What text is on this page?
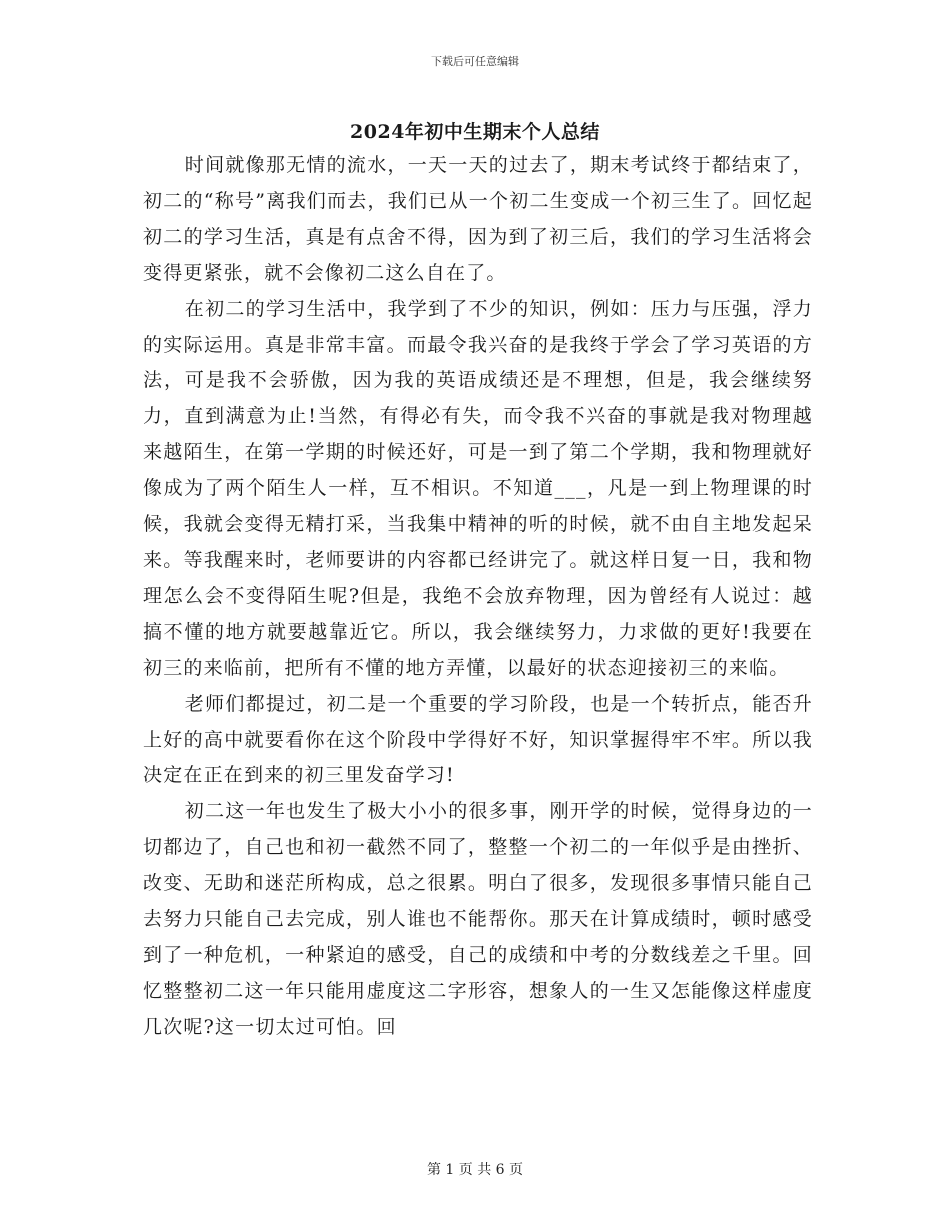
下载后可任意编辑
2024年初中生期末个人总结

时间就像那无情的流水，一天一天的过去了，期末考试终于都结束了，初二的“称号”离我们而去，我们已从一个初二生变成一个初三生了。回忆起初二的学习生活，真是有点舍不得，因为到了初三后，我们的学习生活将会变得更紧张，就不会像初二这么自在了。

在初二的学习生活中，我学到了不少的知识，例如：压力与压强，浮力的实际运用。真是非常丰富。而最令我兴奋的是我终于学会了学习英语的方法，可是我不会骄傲，因为我的英语成绩还是不理想，但是，我会继续努力，直到满意为止!当然，有得必有失，而令我不兴奋的事就是我对物理越来越陌生，在第一学期的时候还好，可是一到了第二个学期，我和物理就好像成为了两个陌生人一样，互不相识。不知道___，凡是一到上物理课的时候，我就会变得无精打采，当我集中精神的听的时候，就不由自主地发起呆来。等我醒来时，老师要讲的内容都已经讲完了。就这样日复一日，我和物理怎么会不变得陌生呢?但是，我绝不会放弃物理，因为曾经有人说过：越搞不懂的地方就要越靠近它。所以，我会继续努力，力求做的更好!我要在初三的来临前，把所有不懂的地方弄懂，以最好的状态迎接初三的来临。

老师们都提过，初二是一个重要的学习阶段，也是一个转折点，能否升上好的高中就要看你在这个阶段中学得好不好，知识掌握得牢不牢。所以我决定在正在到来的初三里发奋学习!

初二这一年也发生了极大小小的很多事，刚开学的时候，觉得身边的一切都边了，自己也和初一截然不同了，整整一个初二的一年似乎是由挫折、改变、无助和迷茫所构成，总之很累。明白了很多，发现很多事情只能自己去努力只能自己去完成，别人谁也不能帮你。那天在计算成绩时，顿时感受到了一种危机，一种紧迫的感受，自己的成绩和中考的分数线差之千里。回忆整整初二这一年只能用虚度这二字形容，想象人的一生又怎能像这样虚度几次呢?这一切太过可怕。回

第 1 页 共 6 页
